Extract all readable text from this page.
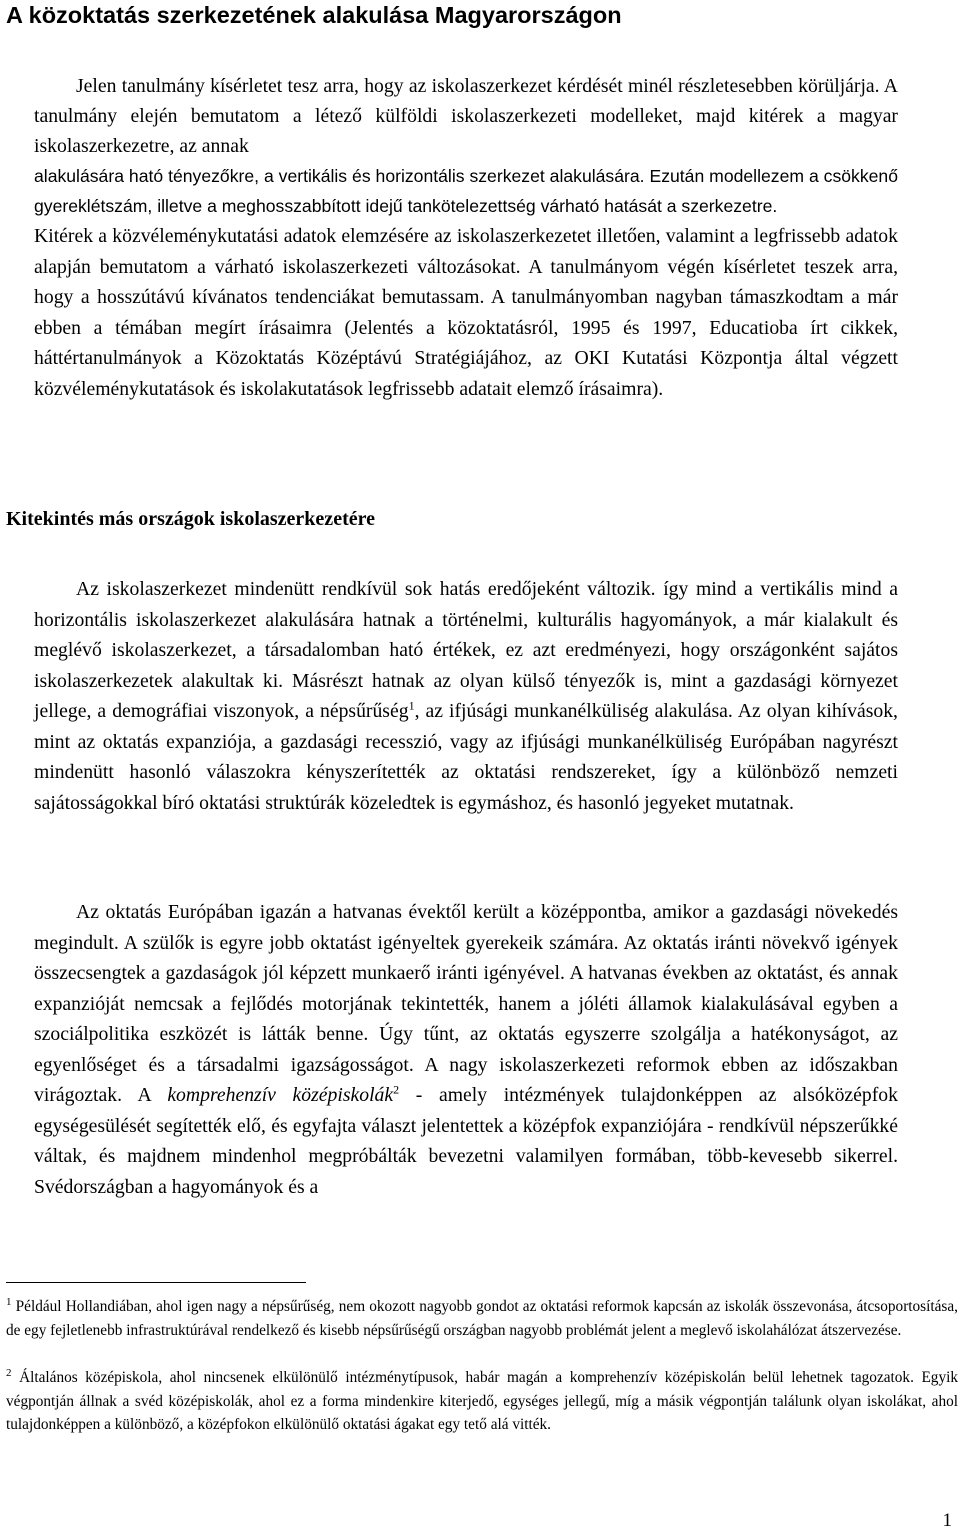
A közoktatás szerkezetének alakulása Magyarországon

Jelen tanulmány kísérletet tesz arra, hogy az iskolaszerkezet kérdését minél részletesebben körüljárja. A tanulmány elején bemutatom a létező külföldi iskolaszerkezeti modelleket, majd kitérek a magyar iskolaszerkezetre, az annak

alakulására ható tényezőkre, a vertikális és horizontális szerkezet alakulására. Ezután modellezem a csökkenő gyereklétszám, illetve a meghosszabbított idejű tankötelezettség várható hatását a szerkezetre.

Kitérek a közvéleménykutatási adatok elemzésére az iskolaszerkezetet illetően, valamint a legfrissebb adatok alapján bemutatom a várható iskolaszerkezeti változásokat. A tanulmányom végén kísérletet teszek arra, hogy a hosszútávú kívánatos tendenciákat bemutassam. A tanulmányomban nagyban támaszkodtam a már ebben a témában megírt írásaimra (Jelentés a közoktatásról, 1995 és 1997, Educatioba írt cikkek, háttértanulmányok a Közoktatás Középtávú Stratégiájához, az OKI Kutatási Központja által végzett közvéleménykutatások és iskolakutatások legfrissebb adatait elemző írásaimra).

Kitekintés más országok iskolaszerkezetére

Az iskolaszerkezet mindenütt rendkívül sok hatás eredőjeként változik. így mind a vertikális mind a horizontális iskolaszerkezet alakulására hatnak a történelmi, kulturális hagyományok, a már kialakult és meglévő iskolaszerkezet, a társadalomban ható értékek, ez azt eredményezi, hogy országonként sajátos iskolaszerkezetek alakultak ki. Másrészt hatnak az olyan külső tényezők is, mint a gazdasági környezet jellege, a demográfiai viszonyok, a népsűrűség$^1$, az ifjúsági munkanélküliség alakulása. Az olyan kihívások, mint az oktatás expanziója, a gazdasági recesszió, vagy az ifjúsági munkanélküliség Európában nagyrészt mindenütt hasonló válaszokra kényszerítették az oktatási rendszereket, így a különböző nemzeti sajátosságokkal bíró oktatási struktúrák közeledtek is egymáshoz, és hasonló jegyeket mutatnak.

Az oktatás Európában igazán a hatvanas évektől került a középpontba, amikor a gazdasági növekedés megindult. A szülők is egyre jobb oktatást igényeltek gyerekeik számára. Az oktatás iránti növekvő igények összecsengtek a gazdaságok jól képzett munkaerő iránti igényével. A hatvanas években az oktatást, és annak expanzióját nemcsak a fejlődés motorjának tekintették, hanem a jóléti államok kialakulásával egyben a szociálpolitika eszközét is látták benne. Úgy tűnt, az oktatás egyszerre szolgálja a hatékonyságot, az egyenlőséget és a társadalmi igazságosságot. A nagy iskolaszerkezeti reformok ebben az időszakban virágoztak. A komprehenzív középiskolák$^2$ - amely intézmények tulajdonképpen az alsóközépfok egységesülését segítették elő, és egyfajta választ jelentettek a középfok expanziójára - rendkívül népszerűkké váltak, és majdnem mindenhol megpróbálták bevezetni valamilyen formában, több-kevesebb sikerrel. Svédországban a hagyományok és a

$^1$ Például Hollandiában, ahol igen nagy a népsűrűség, nem okozott nagyobb gondot az oktatási reformok kapcsán az iskolák összevonása, átcsoportosítása, de egy fejletlenebb infrastruktúrával rendelkező és kisebb népsűrűségű országban nagyobb problémát jelent a meglevő iskolahálózat átszervezése.

$^2$ Általános középiskola, ahol nincsenek elkülönülő intézménytípusok, habár magán a komprehenzív középiskolán belül lehetnek tagozatok. Egyik végpontján állnak a svéd középiskolák, ahol ez a forma mindenkire kiterjedő, egységes jellegű, míg a másik végpontján találunk olyan iskolákat, ahol tulajdonképpen a különböző, a középfokon elkülönülő oktatási ágakat egy tető alá vitték.

1
